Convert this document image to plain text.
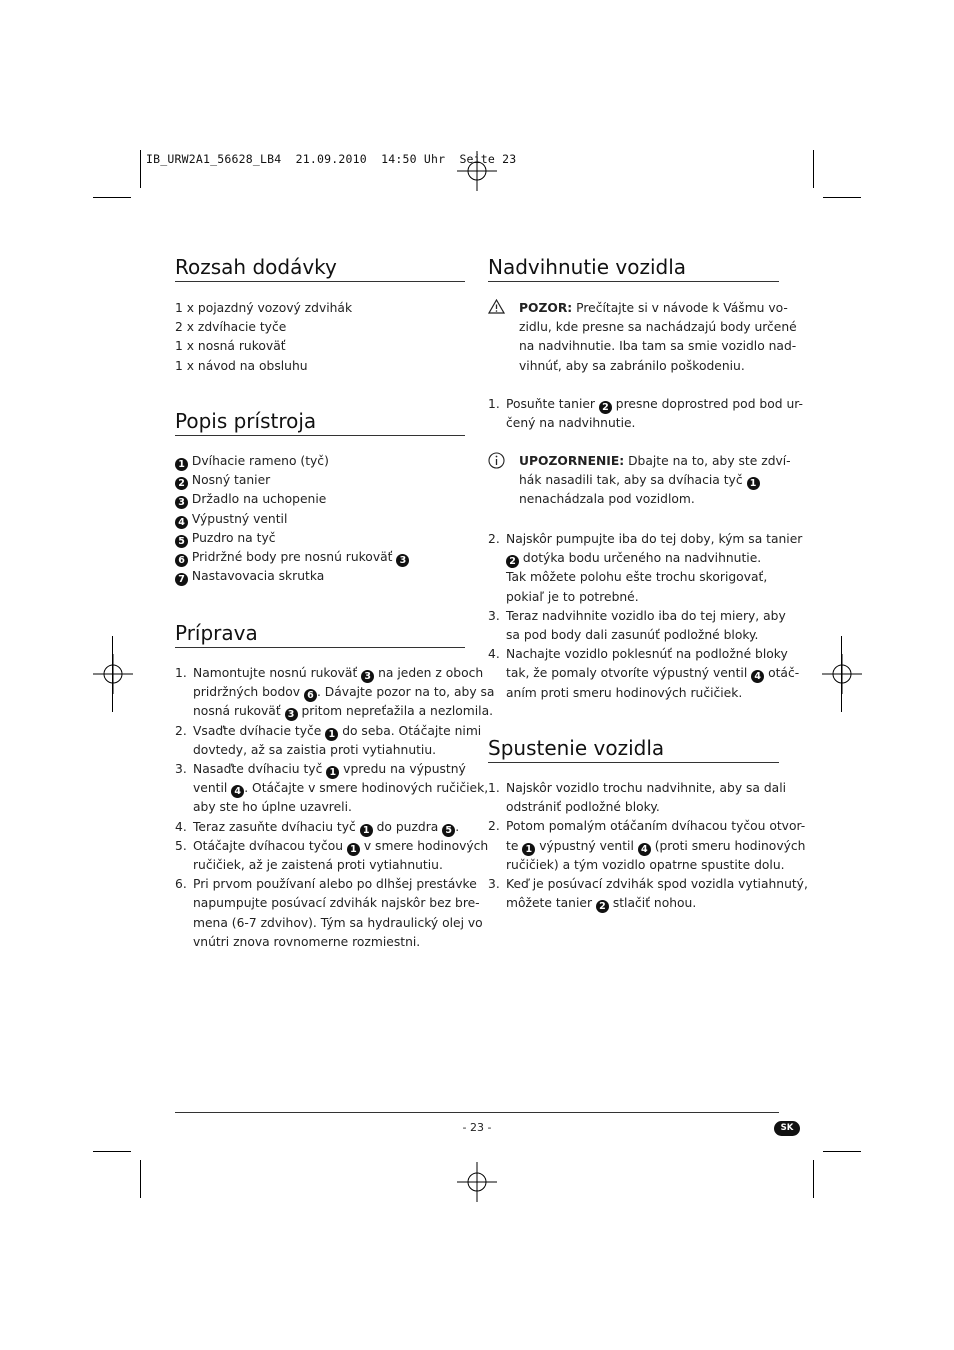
IB_URW2A1_56628_LB4  21.09.2010  14:50 Uhr  Seite 23
Rozsah dodávky
1 x pojazdný vozový zdvihák
2 x zdvíhacie tyče
1 x nosná rukoväť
1 x návod na obsluhu
Popis prístroja
1 Dvíhacie rameno (tyč)
2 Nosný tanier
3 Držadlo na uchopenie
4 Výpustný ventil
5 Puzdro na tyč
6 Pridržné body pre nosnú rukoväť 3
7 Nastavovacia skrutka
Príprava
1. Namontujte nosnú rukoväť 3 na jeden z oboch
pridržných bodov 6 . Dávajte pozor na to, aby sa
nosná rukoväť 3 pritom nepreťažila a nezlomila.
2. Vsaďte dvíhacie tyče 1 do seba. Otáčajte nimi
dovtedy, až sa zaistia proti vytiahnutiu.
3. Nasaďte dvíhaciu tyč 1 vpredu na výpustný
ventil 4 . Otáčajte v smere hodinových ručičiek,
aby ste ho úplne uzavreli.
4. Teraz zasuňte dvíhaciu tyč 1 do puzdra 5 .
5. Otáčajte dvíhacou tyčou 1 v smere hodinových
ručičiek, až je zaistená proti vytiahnutiu.
6. Pri prvom používaní alebo po dlhšej prestávke
napumpujte posúvací zdvihák najskôr bez bre-
mena (6-7 zdvihov). Tým sa hydraulický olej vo
vnútri znova rovnomerne rozmiestni.
Nadvihnutie vozidla
POZOR: Prečítajte si v návode k Vášmu vo-
zidlu, kde presne sa nachádzajú body určené
na nadvihnutie. Iba tam sa smie vozidlo nad-
vihnúť, aby sa zabránilo poškodeniu.
1. Posuňte tanier 2 presne doprostred pod bod ur-
čený na nadvihnutie.
UPOZORNENIE: Dbajte na to, aby ste zdví-
hák nasadili tak, aby sa dvíhacia tyč 1
nenachádzala pod vozidlom.
2. Najskôr pumpujte iba do tej doby, kým sa tanier
2 dotýka bodu určeného na nadvihnutie.
Tak môžete polohu ešte trochu skorigovať,
pokiaľ je to potrebné.
3. Teraz nadvihnite vozidlo iba do tej miery, aby
sa pod body dali zasunúť podložné bloky.
4. Nachajte vozidlo poklesnúť na podložné bloky
tak, že pomaly otvoríte výpustný ventil 4 otáč-
aním proti smeru hodinových ručičiek.
Spustenie vozidla
1. Najskôr vozidlo trochu nadvihnite, aby sa dali
odstrániť podložné bloky.
2. Potom pomalým otáčaním dvíhacou tyčou otvor-
te 1 výpustný ventil 4 (proti smeru hodinových
ručičiek) a tým vozidlo opatrne spustite dolu.
3. Keď je posúvací zdvihák spod vozidla vytiahnutý,
môžete tanier 2 stlačiť nohou.
- 23 -	SK
